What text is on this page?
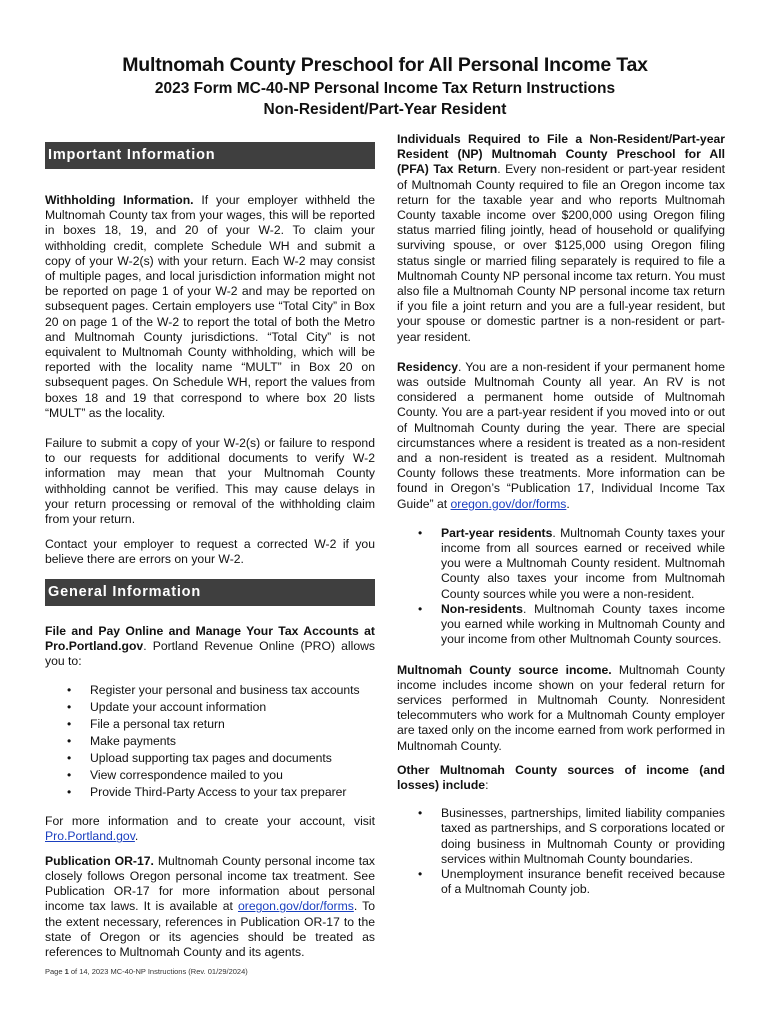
Multnomah County Preschool for All Personal Income Tax
2023 Form MC-40-NP Personal Income Tax Return Instructions
Non-Resident/Part-Year Resident
Important Information

Withholding Information. If your employer withheld the Multnomah County tax from your wages, this will be reported in boxes 18, 19, and 20 of your W-2. To claim your withholding credit, complete Schedule WH and submit a copy of your W-2(s) with your return. Each W-2 may consist of multiple pages, and local jurisdiction information might not be reported on page 1 of your W-2 and may be reported on subsequent pages. Certain employers use “Total City” in Box 20 on page 1 of the W-2 to report the total of both the Metro and Multnomah County jurisdictions. “Total City” is not equivalent to Multnomah County withholding, which will be reported with the locality name “MULT” in Box 20 on subsequent pages. On Schedule WH, report the values from boxes 18 and 19 that correspond to where box 20 lists “MULT” as the locality.

Failure to submit a copy of your W-2(s) or failure to respond to our requests for additional documents to verify W-2 information may mean that your Multnomah County withholding cannot be verified. This may cause delays in your return processing or removal of the withholding claim from your return.

Contact your employer to request a corrected W-2 if you believe there are errors on your W-2.

General Information

File and Pay Online and Manage Your Tax Accounts at Pro.Portland.gov. Portland Revenue Online (PRO) allows you to:

• Register your personal and business tax accounts
• Update your account information
• File a personal tax return
• Make payments
• Upload supporting tax pages and documents
• View correspondence mailed to you
• Provide Third-Party Access to your tax preparer

For more information and to create your account, visit Pro.Portland.gov.

Publication OR-17. Multnomah County personal income tax closely follows Oregon personal income tax treatment. See Publication OR-17 for more information about personal income tax laws. It is available at oregon.gov/dor/forms. To the extent necessary, references in Publication OR-17 to the state of Oregon or its agencies should be treated as references to Multnomah County and its agents.

Individuals Required to File a Non-Resident/Part-year Resident (NP) Multnomah County Preschool for All (PFA) Tax Return. Every non-resident or part-year resident of Multnomah County required to file an Oregon income tax return for the taxable year and who reports Multnomah County taxable income over $200,000 using Oregon filing status married filing jointly, head of household or qualifying surviving spouse, or over $125,000 using Oregon filing status single or married filing separately is required to file a Multnomah County NP personal income tax return. You must also file a Multnomah County NP personal income tax return if you file a joint return and you are a full-year resident, but your spouse or domestic partner is a non-resident or part-year resident.

Residency. You are a non-resident if your permanent home was outside Multnomah County all year. An RV is not considered a permanent home outside of Multnomah County. You are a part-year resident if you moved into or out of Multnomah County during the year. There are special circumstances where a resident is treated as a non-resident and a non-resident is treated as a resident. Multnomah County follows these treatments. More information can be found in Oregon’s “Publication 17, Individual Income Tax Guide” at oregon.gov/dor/forms.

• Part-year residents. Multnomah County taxes your income from all sources earned or received while you were a Multnomah County resident. Multnomah County also taxes your income from Multnomah County sources while you were a non-resident.
• Non-residents. Multnomah County taxes income you earned while working in Multnomah County and your income from other Multnomah County sources.

Multnomah County source income. Multnomah County income includes income shown on your federal return for services performed in Multnomah County. Nonresident telecommuters who work for a Multnomah County employer are taxed only on the income earned from work performed in Multnomah County.

Other Multnomah County sources of income (and losses) include:

• Businesses, partnerships, limited liability companies taxed as partnerships, and S corporations located or doing business in Multnomah County or providing services within Multnomah County boundaries.
• Unemployment insurance benefit received because of a Multnomah County job.
Page 1 of 14, 2023 MC-40-NP Instructions (Rev. 01/29/2024)
